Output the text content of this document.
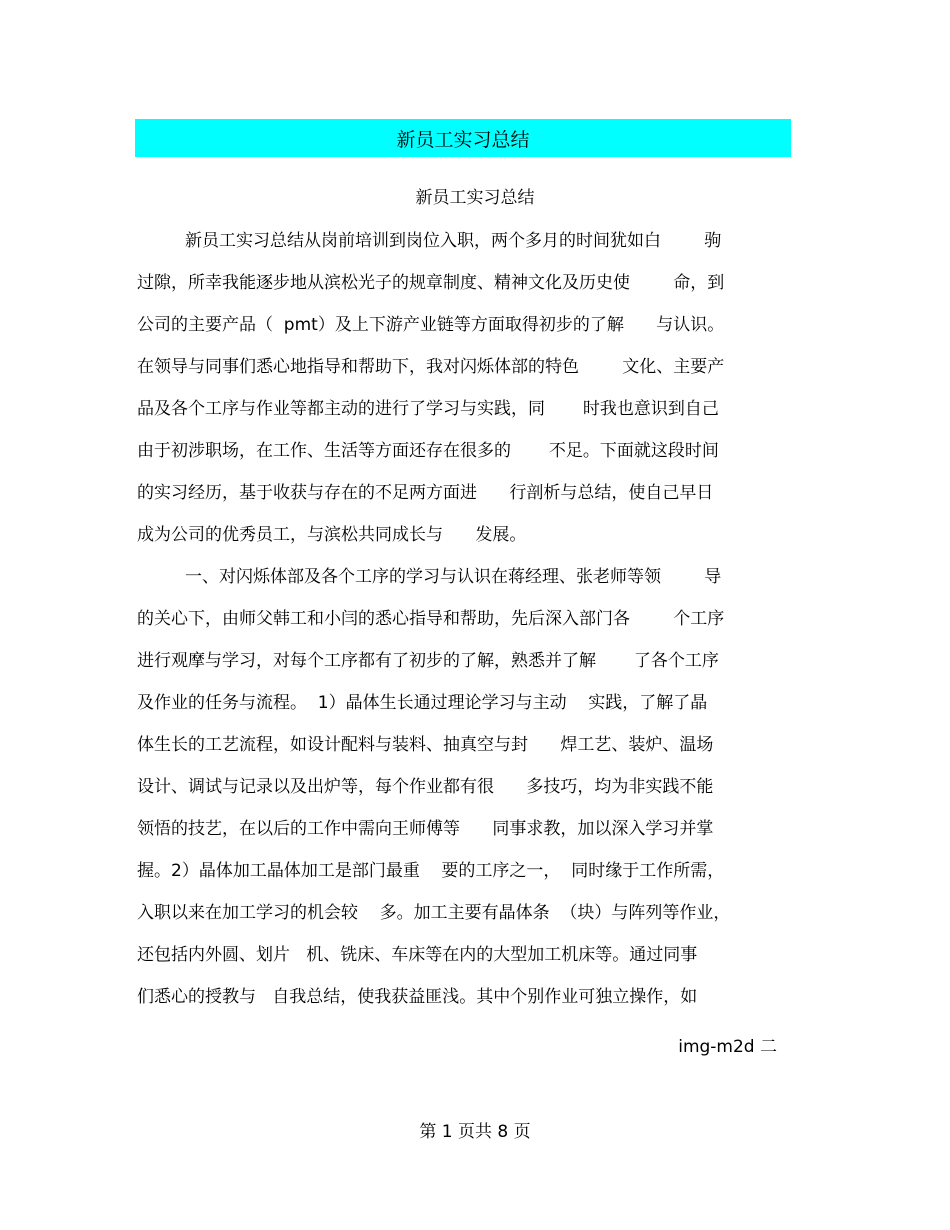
新员工实习总结
新员工实习总结
新员工实习总结从岗前培训到岗位入职，两个多月的时间犹如白        驹
过隙，所幸我能逐步地从滨松光子的规章制度、精神文化及历史使        命，到
公司的主要产品（  pmt）及上下游产业链等方面取得初步的了解      与认识。
在领导与同事们悉心地指导和帮助下，我对闪烁体部的特色        文化、主要产
品及各个工序与作业等都主动的进行了学习与实践，同       时我也意识到自己
由于初涉职场，在工作、生活等方面还存在很多的       不足。下面就这段时间
的实习经历，基于收获与存在的不足两方面进      行剖析与总结，使自己早日
成为公司的优秀员工，与滨松共同成长与      发展。
一、对闪烁体部及各个工序的学习与认识在蒋经理、张老师等领        导
的关心下，由师父韩工和小闫的悉心指导和帮助，先后深入部门各        个工序
进行观摩与学习，对每个工序都有了初步的了解，熟悉并了解       了各个工序
及作业的任务与流程。  1）晶体生长通过理论学习与主动    实践，了解了晶
体生长的工艺流程，如设计配料与装料、抽真空与封      焊工艺、装炉、温场
设计、调试与记录以及出炉等，每个作业都有很      多技巧，均为非实践不能
领悟的技艺，在以后的工作中需向王师傅等      同事求教，加以深入学习并掌
握。2）晶体加工晶体加工是部门最重    要的工序之一，  同时缘于工作所需，
入职以来在加工学习的机会较    多。加工主要有晶体条  （块）与阵列等作业，
还包括内外圆、划片   机、铣床、车床等在内的大型加工机床等。通过同事
们悉心的授教与   自我总结，使我获益匪浅。其中个别作业可独立操作，如
img-m2d 二
第 1 页共 8 页
